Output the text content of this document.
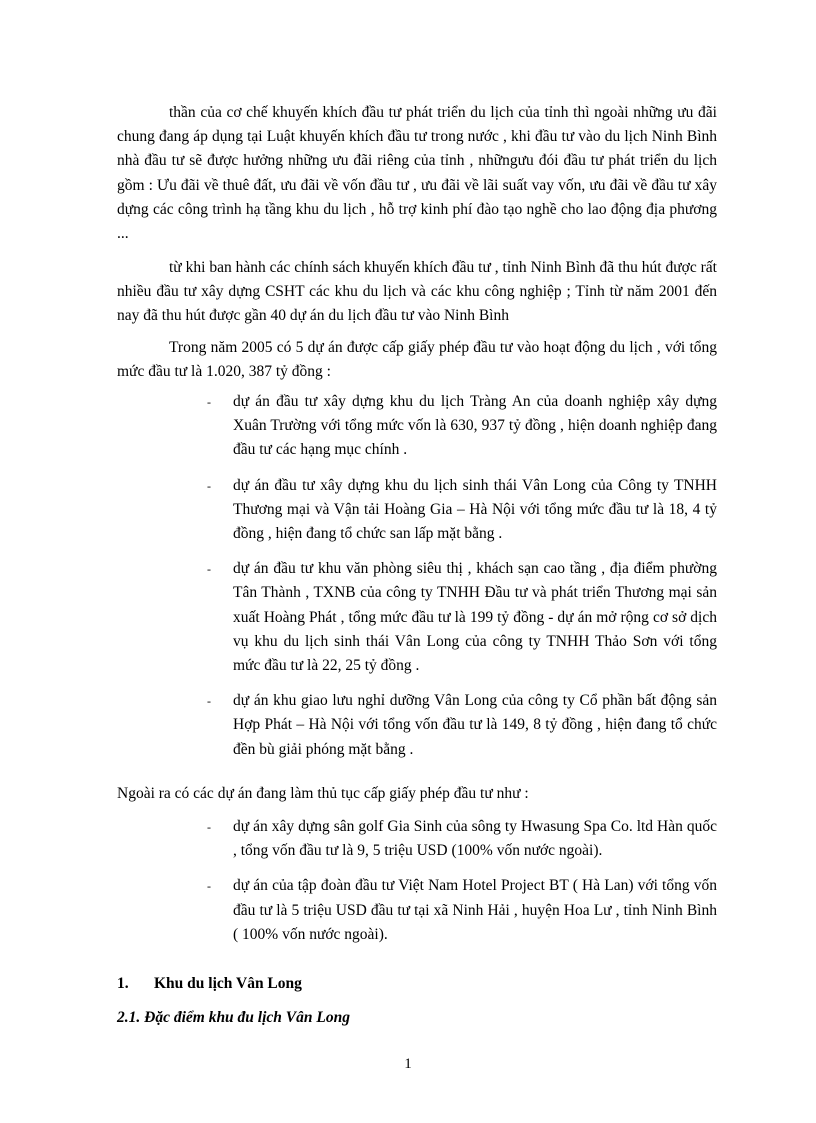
thần của cơ chế khuyến khích đầu tư phát triển du lịch của tỉnh thì ngoài những ưu đãi chung đang áp dụng tại Luật khuyến khích đầu tư trong nước , khi đầu tư vào du lịch Ninh Bình nhà đầu tư sẽ được hưởng những ưu đãi riêng của tỉnh , nhữngưu đói đầu tư phát triển du lịch gồm : Ưu đãi về thuê đất, ưu đãi về vốn đầu tư , ưu đãi về lãi suất vay vốn, ưu đãi về đầu tư xây dựng các công trình hạ tầng khu du lịch , hỗ trợ kinh phí đào tạo nghề cho lao động địa phương ...
từ khi ban hành các chính sách khuyến khích đầu tư , tỉnh Ninh Bình đã thu hút được rất nhiều đầu tư xây dựng CSHT các khu du lịch và các khu công nghiệp ; Tỉnh từ năm 2001 đến nay đã thu hút được gần 40 dự án du lịch đầu tư vào Ninh Bình
Trong năm 2005 có 5 dự án được cấp giấy phép đầu tư vào hoạt động du lịch , với tổng mức đầu tư là 1.020, 387 tỷ đồng :
-	dự án đầu tư xây dựng khu du lịch Tràng An của doanh nghiệp xây dựng Xuân Trường với tổng mức vốn là 630, 937 tỷ đồng , hiện doanh nghiệp đang đầu tư các hạng mục chính .
-	dự án đầu tư xây dựng khu du lịch sinh thái Vân Long của Công ty TNHH Thương mại và Vận tải Hoàng Gia – Hà Nội với tổng mức đầu tư là 18, 4 tỷ đồng , hiện đang tổ chức san lấp mặt bằng .
-	dự án đầu tư khu văn phòng siêu thị , khách sạn cao tầng , địa điểm phường Tân Thành , TXNB của công ty TNHH Đầu tư và phát triển Thương mại sản xuất Hoàng Phát , tổng mức đầu tư là 199 tỷ đồng - dự án mở rộng cơ sở dịch vụ khu du lịch sinh thái Vân Long của công ty TNHH Thảo Sơn với tổng mức đầu tư là 22, 25 tỷ đồng .
-	dự án khu giao lưu nghỉ dưỡng Vân Long của công ty Cổ phần bất động sản Hợp Phát – Hà Nội với tổng vốn đầu tư là 149, 8 tỷ đồng , hiện đang tổ chức đền bù giải phóng mặt bằng .
Ngoài ra có các dự án đang làm thủ tục cấp giấy phép đầu tư như :
-	dự án xây dựng sân golf Gia Sinh của sông ty Hwasung Spa Co. ltd Hàn quốc , tổng vốn đầu tư là 9, 5 triệu USD (100% vốn nước ngoài).
-	dự án của tập đoàn đầu tư Việt Nam Hotel Project BT ( Hà Lan) với tổng vốn đầu tư là 5 triệu USD đầu tư tại xã Ninh Hải , huyện Hoa Lư , tỉnh Ninh Bình ( 100% vốn nước ngoài).
1. Khu du lịch Vân Long
2.1. Đặc điểm khu đu lịch Vân Long
1
